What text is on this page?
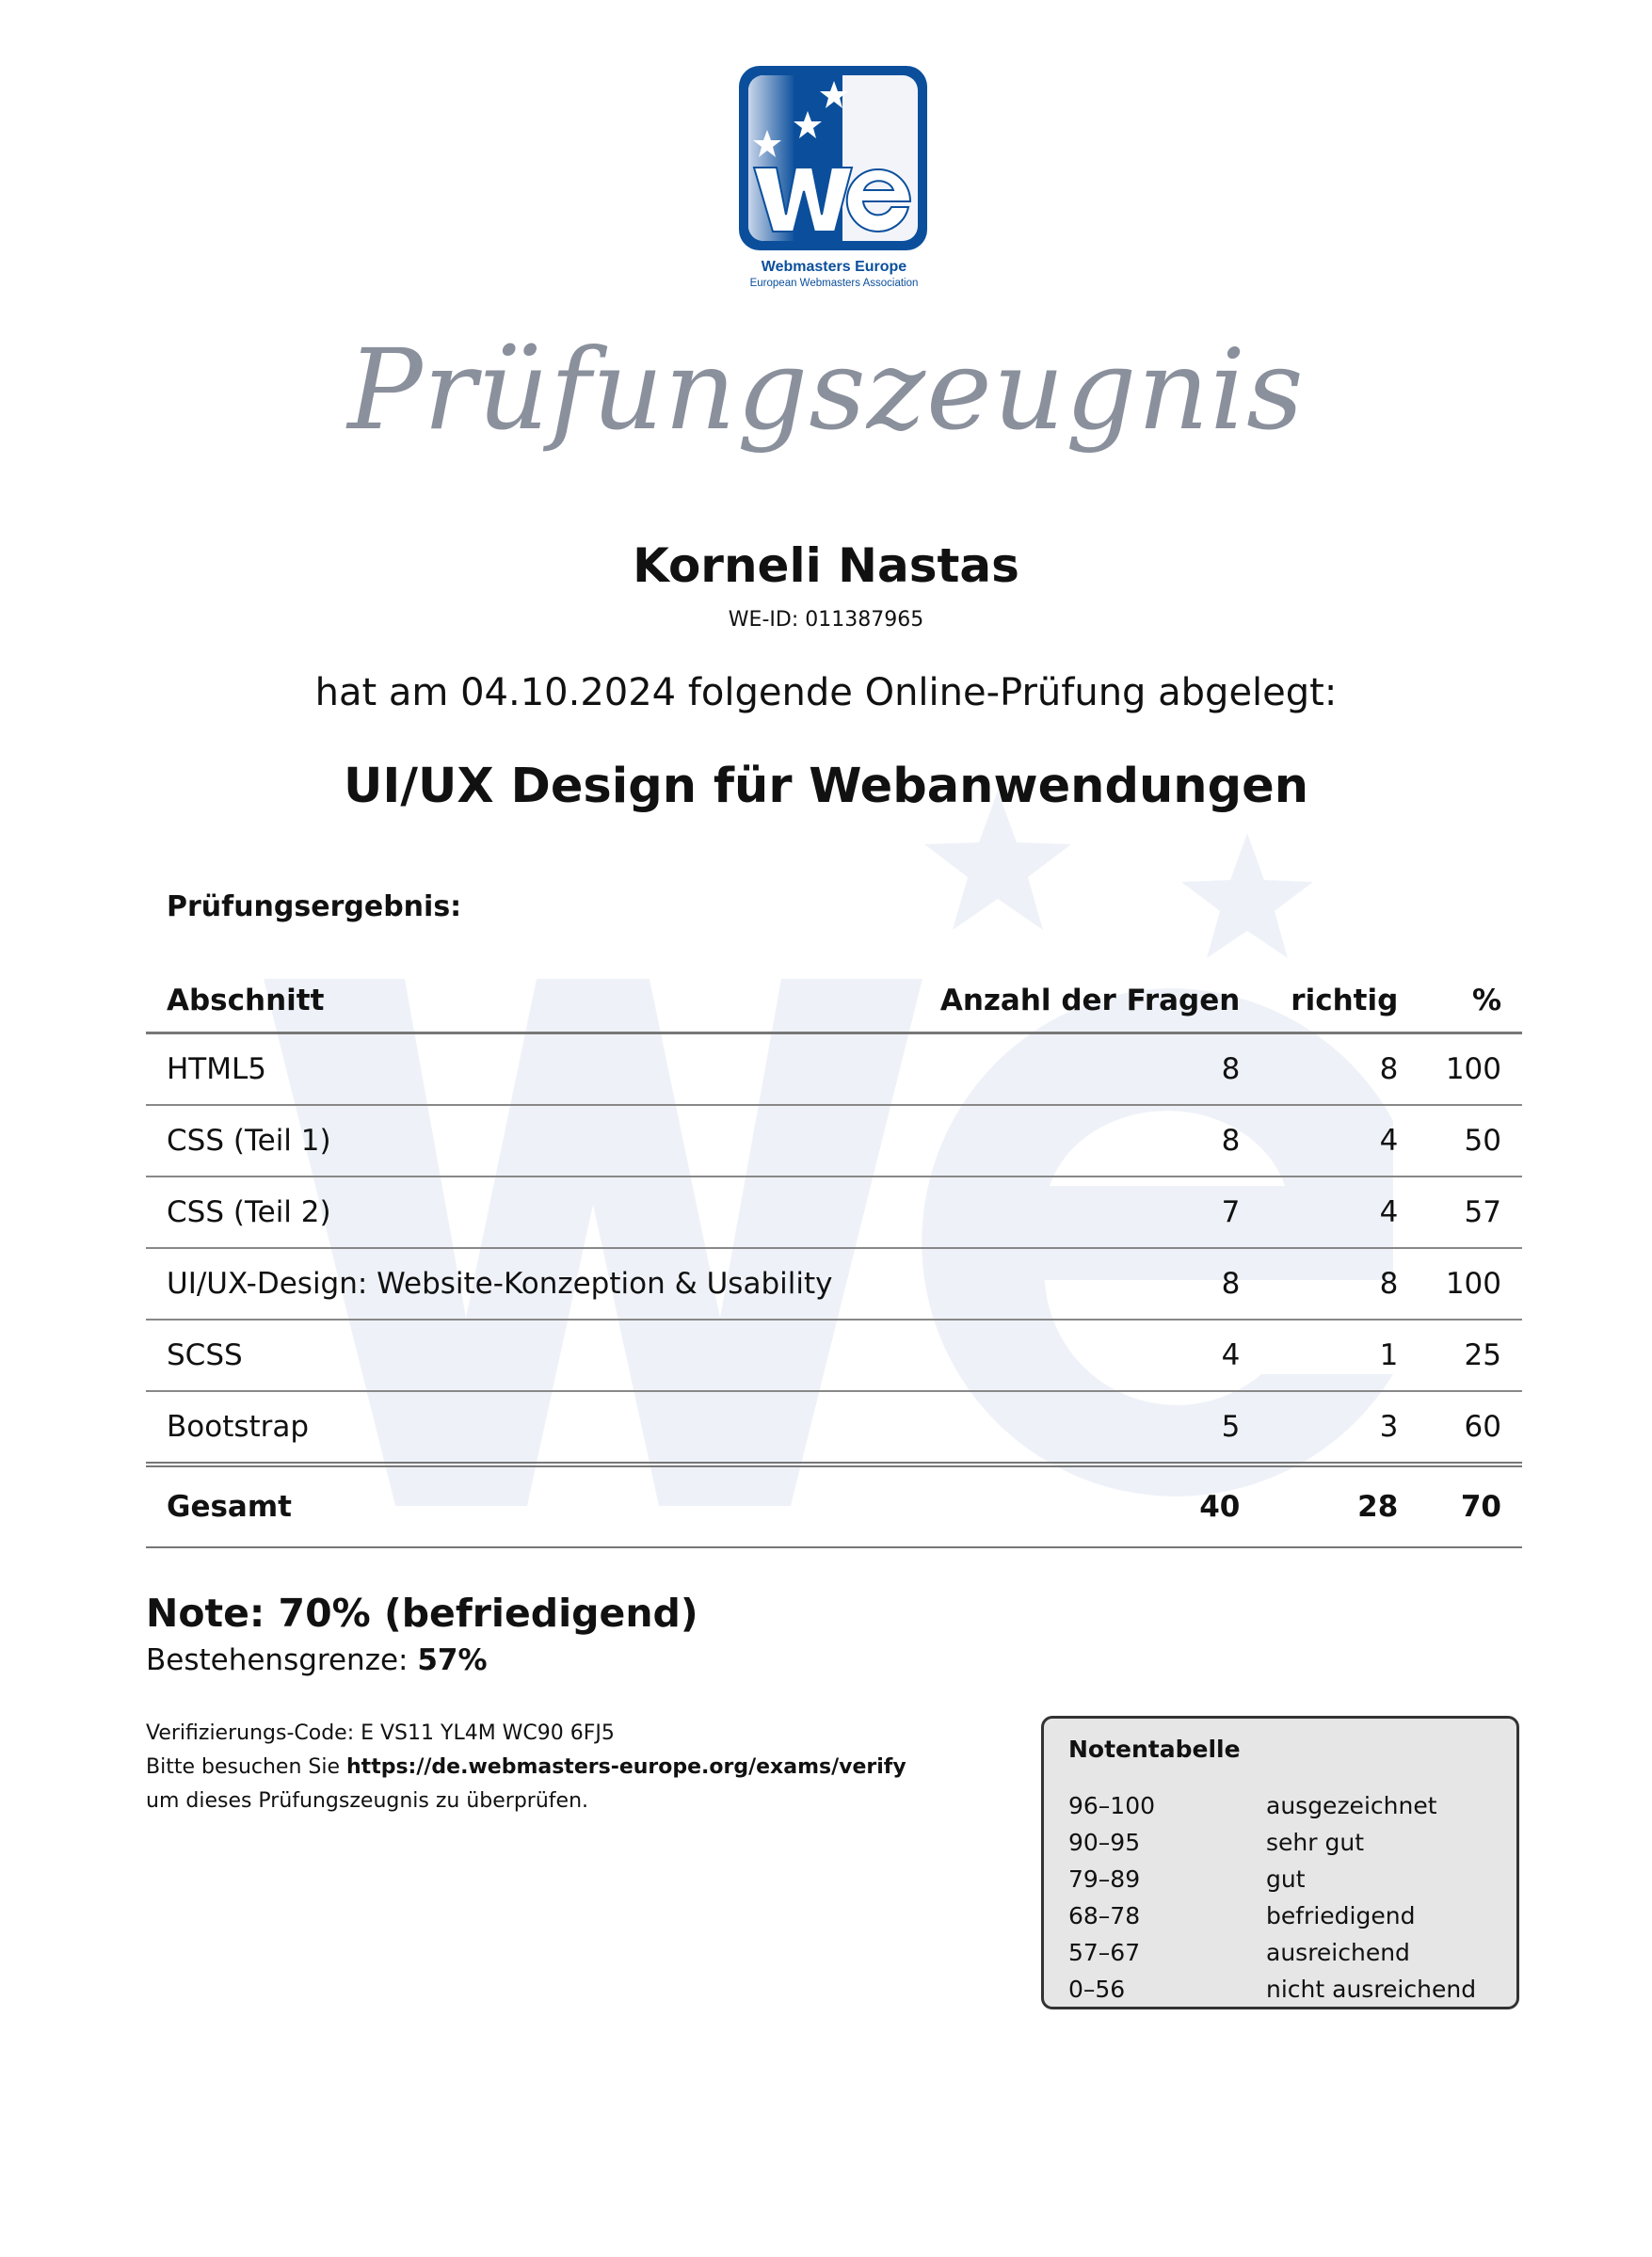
Webmasters Europe
European Webmasters Association
Prüfungszeugnis
Korneli Nastas
WE-ID: 011387965
hat am 04.10.2024 folgende Online-Prüfung abgelegt:
UI/UX Design für Webanwendungen
Prüfungsergebnis:
Abschnitt	Anzahl der Fragen	richtig	%
HTML5	8	8	100
CSS (Teil 1)	8	4	50
CSS (Teil 2)	7	4	57
UI/UX-Design: Website-Konzeption & Usability	8	8	100
SCSS	4	1	25
Bootstrap	5	3	60
Gesamt	40	28	70
Note: 70% (befriedigend)
Bestehensgrenze: 57%
Verifizierungs-Code: E VS11 YL4M WC90 6FJ5
Bitte besuchen Sie https://de.webmasters-europe.org/exams/verify
um dieses Prüfungszeugnis zu überprüfen.
Notentabelle
96–100	ausgezeichnet
90–95	sehr gut
79–89	gut
68–78	befriedigend
57–67	ausreichend
0–56	nicht ausreichend
